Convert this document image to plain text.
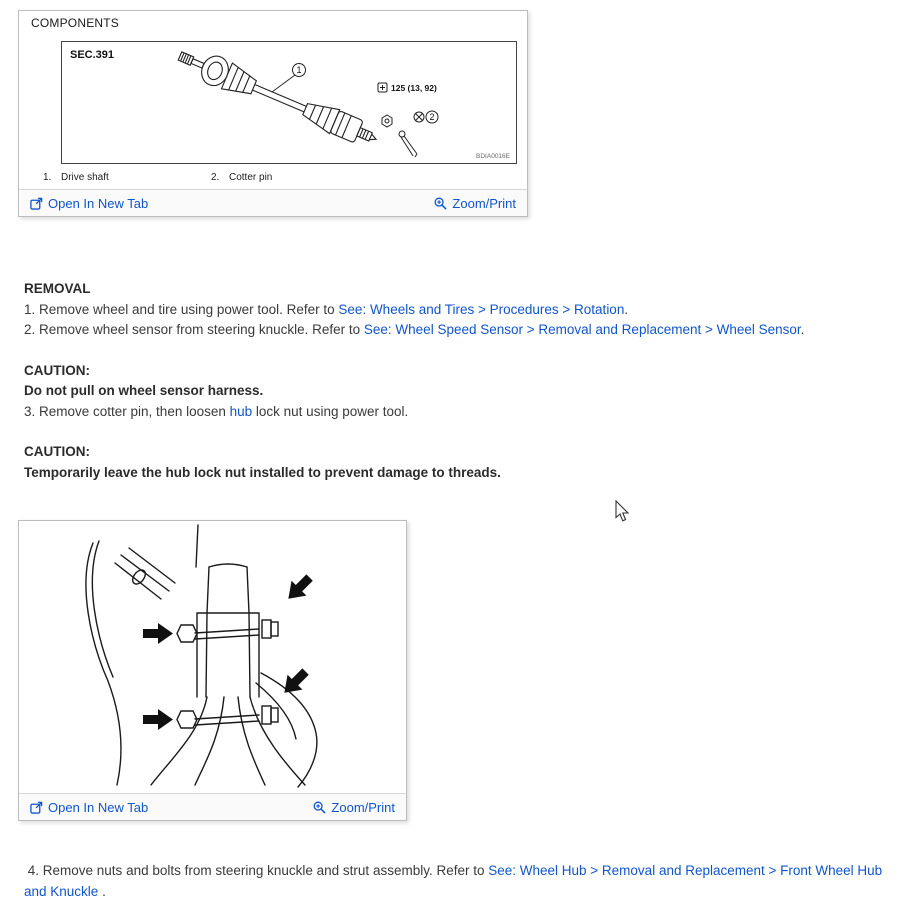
COMPONENTS
SEC.391
1
125 (13, 92)
2
BDIA0016E
1. Drive shaft	2. Cotter pin
Open In New Tab	Zoom/Print

REMOVAL

1. Remove wheel and tire using power tool. Refer to See: Wheels and Tires > Procedures > Rotation.

2. Remove wheel sensor from steering knuckle. Refer to See: Wheel Speed Sensor > Removal and Replacement > Wheel Sensor.

CAUTION:

Do not pull on wheel sensor harness.

3. Remove cotter pin, then loosen hub lock nut using power tool.

CAUTION:

Temporarily leave the hub lock nut installed to prevent damage to threads.

Open In New Tab	Zoom/Print
4. Remove nuts and bolts from steering knuckle and strut assembly. Refer to See: Wheel Hub > Removal and Replacement > Front Wheel Hub and Knuckle .
